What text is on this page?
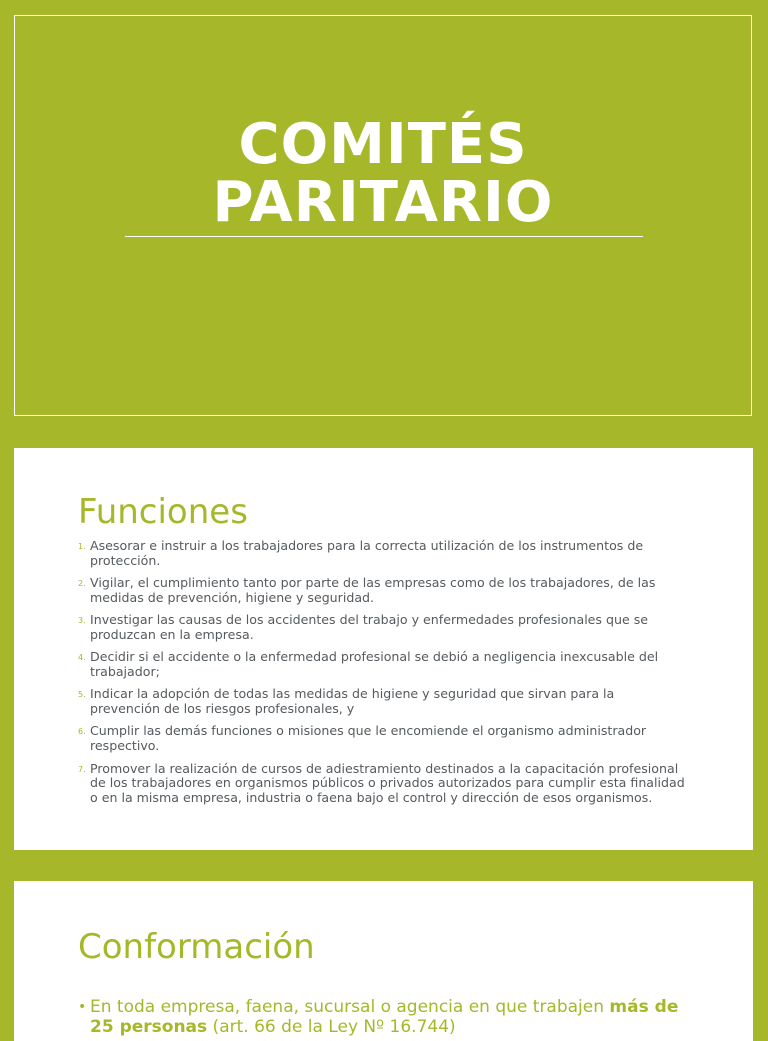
COMITÉS
PARITARIO
Funciones
1. Asesorar e instruir a los trabajadores para la correcta utilización de los instrumentos de protección.
2. Vigilar, el cumplimiento tanto por parte de las empresas como de los trabajadores, de las medidas de prevención, higiene y seguridad.
3. Investigar las causas de los accidentes del trabajo y enfermedades profesionales que se produzcan en la empresa.
4. Decidir si el accidente o la enfermedad profesional se debió a negligencia inexcusable del trabajador;
5. Indicar la adopción de todas las medidas de higiene y seguridad que sirvan para la prevención de los riesgos profesionales, y
6. Cumplir las demás funciones o misiones que le encomiende el organismo administrador respectivo.
7. Promover la realización de cursos de adiestramiento destinados a la capacitación profesional de los trabajadores en organismos públicos o privados autorizados para cumplir esta finalidad o en la misma empresa, industria o faena bajo el control y dirección de esos organismos.
Conformación
• En toda empresa, faena, sucursal o agencia en que trabajen más de 25 personas (art. 66 de la Ley Nº 16.744)
